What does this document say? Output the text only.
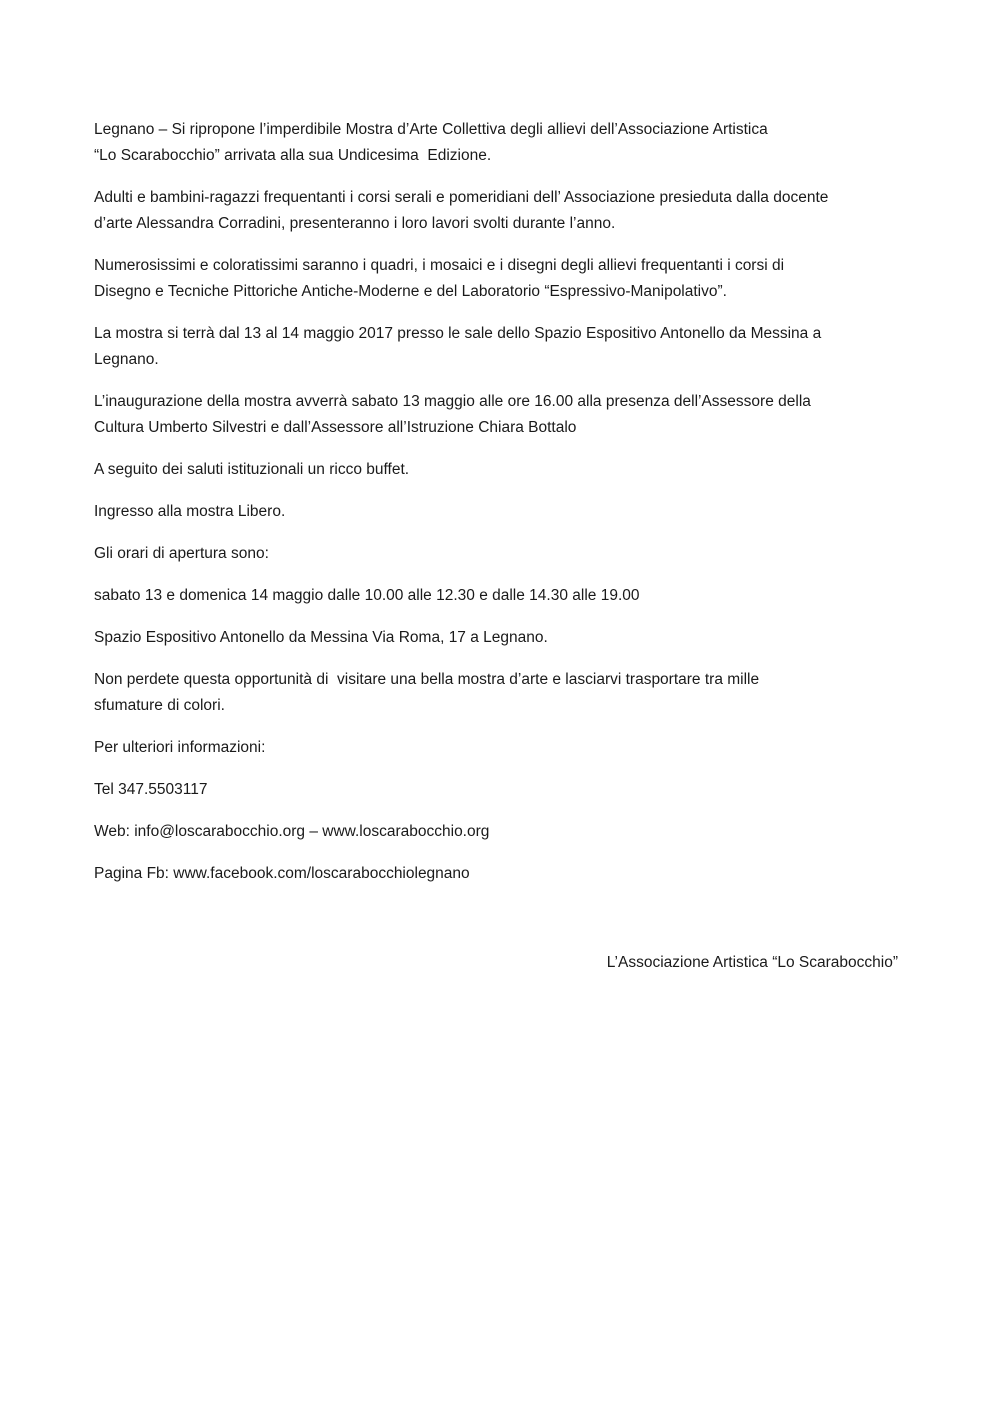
Legnano – Si ripropone l’imperdibile Mostra d’Arte Collettiva degli allievi dell’Associazione Artistica
“Lo Scarabocchio” arrivata alla sua Undicesima  Edizione.

Adulti e bambini-ragazzi frequentanti i corsi serali e pomeridiani dell’ Associazione presieduta dalla docente
d’arte Alessandra Corradini, presenteranno i loro lavori svolti durante l’anno.

Numerosissimi e coloratissimi saranno i quadri, i mosaici e i disegni degli allievi frequentanti i corsi di
Disegno e Tecniche Pittoriche Antiche-Moderne e del Laboratorio “Espressivo-Manipolativo”.

La mostra si terrà dal 13 al 14 maggio 2017 presso le sale dello Spazio Espositivo Antonello da Messina a
Legnano.

L’inaugurazione della mostra avverrà sabato 13 maggio alle ore 16.00 alla presenza dell’Assessore della
Cultura Umberto Silvestri e dall’Assessore all’Istruzione Chiara Bottalo

A seguito dei saluti istituzionali un ricco buffet.

Ingresso alla mostra Libero.

Gli orari di apertura sono:

sabato 13 e domenica 14 maggio dalle 10.00 alle 12.30 e dalle 14.30 alle 19.00

Spazio Espositivo Antonello da Messina Via Roma, 17 a Legnano.

Non perdete questa opportunità di  visitare una bella mostra d’arte e lasciarvi trasportare tra mille
sfumature di colori.

Per ulteriori informazioni:

Tel 347.5503117

Web: info@loscarabocchio.org – www.loscarabocchio.org

Pagina Fb: www.facebook.com/loscarabocchiolegnano

L’Associazione Artistica “Lo Scarabocchio”
